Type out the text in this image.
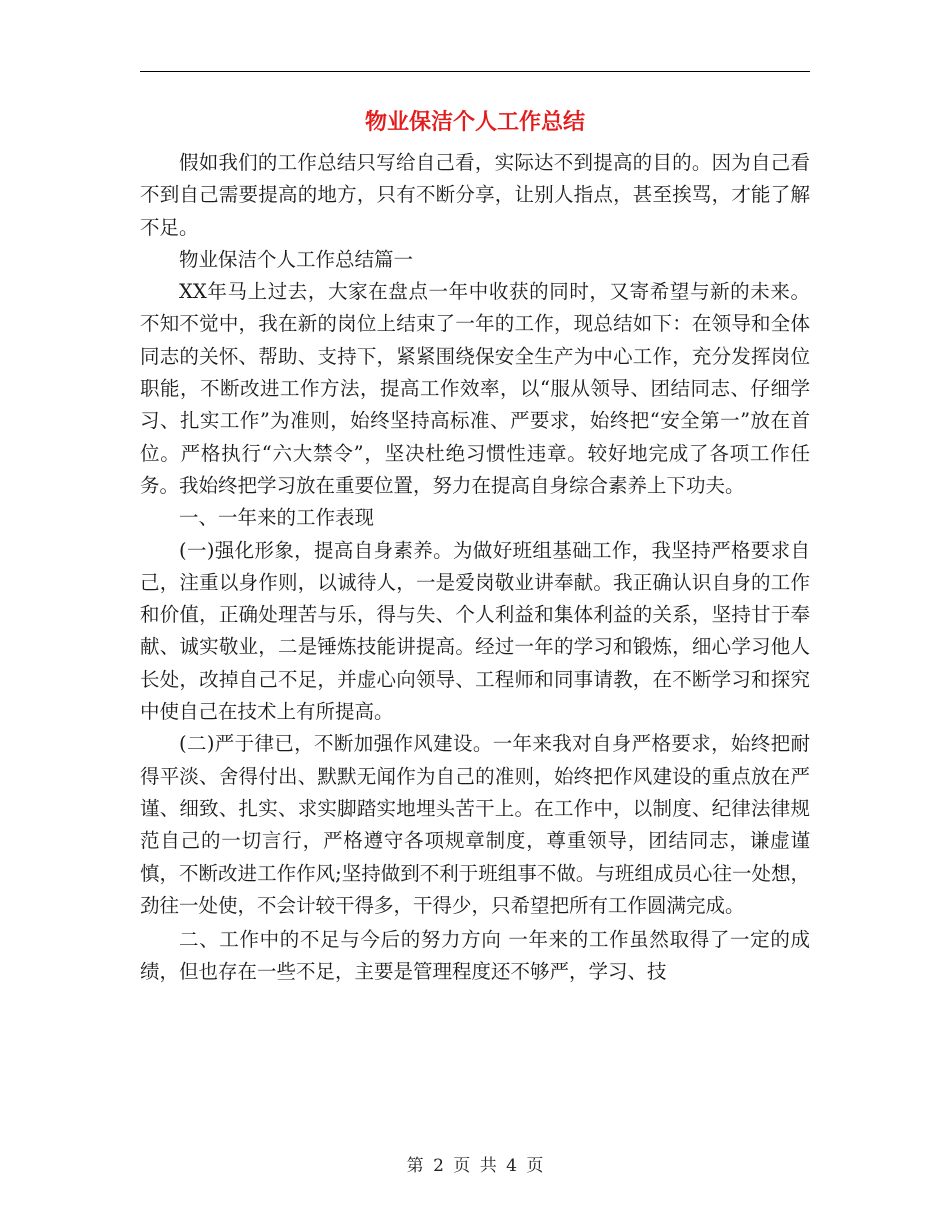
物业保洁个人工作总结

假如我们的工作总结只写给自己看，实际达不到提高的目的。因为自己看不到自己需要提高的地方，只有不断分享，让别人指点，甚至挨骂，才能了解不足。

物业保洁个人工作总结篇一

XX年马上过去，大家在盘点一年中收获的同时，又寄希望与新的未来。不知不觉中，我在新的岗位上结束了一年的工作，现总结如下：在领导和全体同志的关怀、帮助、支持下，紧紧围绕保安全生产为中心工作，充分发挥岗位职能，不断改进工作方法，提高工作效率，以“服从领导、团结同志、仔细学习、扎实工作”为准则，始终坚持高标准、严要求，始终把“安全第一”放在首位。严格执行“六大禁令”，坚决杜绝习惯性违章。较好地完成了各项工作任务。我始终把学习放在重要位置，努力在提高自身综合素养上下功夫。

一、一年来的工作表现

(一)强化形象，提高自身素养。为做好班组基础工作，我坚持严格要求自己，注重以身作则，以诚待人，一是爱岗敬业讲奉献。我正确认识自身的工作和价值，正确处理苦与乐，得与失、个人利益和集体利益的关系，坚持甘于奉献、诚实敬业，二是锤炼技能讲提高。经过一年的学习和锻炼，细心学习他人长处，改掉自己不足，并虚心向领导、工程师和同事请教，在不断学习和探究中使自己在技术上有所提高。

(二)严于律已，不断加强作风建设。一年来我对自身严格要求，始终把耐得平淡、舍得付出、默默无闻作为自己的准则，始终把作风建设的重点放在严谨、细致、扎实、求实脚踏实地埋头苦干上。在工作中，以制度、纪律法律规范自己的一切言行，严格遵守各项规章制度，尊重领导，团结同志，谦虚谨慎，不断改进工作作风;坚持做到不利于班组事不做。与班组成员心往一处想，劲往一处使，不会计较干得多，干得少，只希望把所有工作圆满完成。

二、工作中的不足与今后的努力方向 一年来的工作虽然取得了一定的成绩，但也存在一些不足，主要是管理程度还不够严，学习、技

第 2 页 共 4 页
